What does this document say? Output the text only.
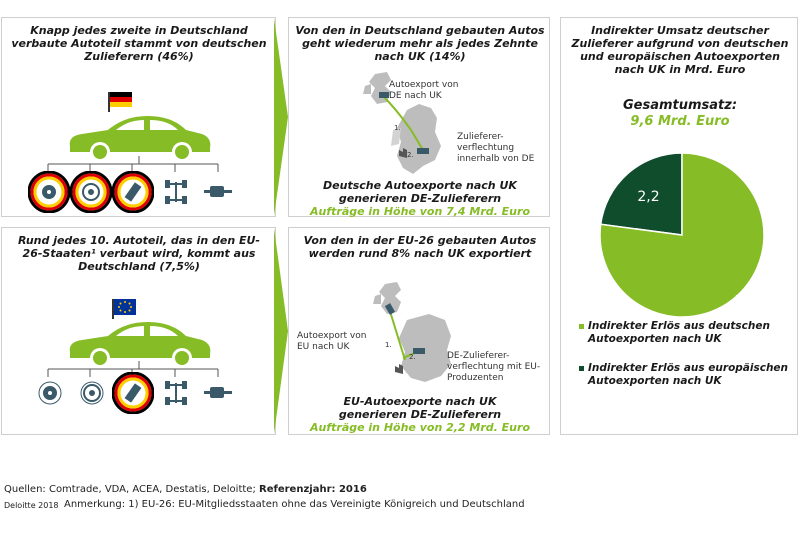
Knapp jedes zweite in Deutschland verbaute Autoteil stammt von deutschen Zulieferern (46%)
Von den in Deutschland gebauten Autos geht wiederum mehr als jedes Zehnte nach UK (14%)
1.
2.
Autoexport von DE nach UK
Zulieferer-verflechtung innerhalb von DE
Deutsche Autoexporte nach UK
generieren DE-Zulieferern
Aufträge in Höhe von 7,4 Mrd. Euro
Rund jedes 10. Autoteil, das in den EU-26-Staaten¹ verbaut wird, kommt aus Deutschland (7,5%)
Von den in der EU-26 gebauten Autos werden rund 8% nach UK exportiert
1.
2.
Autoexport von EU nach UK
DE-Zulieferer-verflechtung mit EU-Produzenten
EU-Autoexporte nach UK
generieren DE-Zulieferern
Aufträge in Höhe von 2,2 Mrd. Euro
Indirekter Umsatz deutscher Zulieferer aufgrund von deutschen und europäischen Autoexporten nach UK in Mrd. Euro
Gesamtumsatz:
9,6 Mrd. Euro
2,2
7,4
Indirekter Erlös aus deutschen Autoexporten nach UK
Indirekter Erlös aus europäischen Autoexporten nach UK
Quellen: Comtrade, VDA, ACEA, Destatis, Deloitte; Referenzjahr: 2016
Deloitte 2018 Anmerkung: 1) EU-26: EU-Mitgliedsstaaten ohne das Vereinigte Königreich und Deutschland
